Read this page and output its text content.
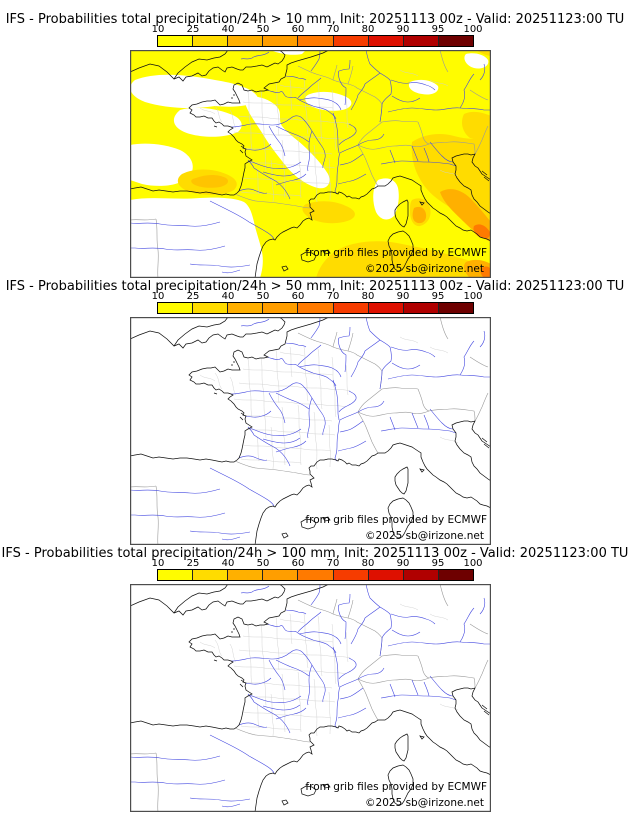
IFS - Probabilities total precipitation/24h > 10 mm, Init: 20251113 00z - Valid: 20251123:00 TU
10 25 40 50 60 70 80 90 95 100
from grib files provided by ECMWF
©2025 sb@irizone.net
IFS - Probabilities total precipitation/24h > 50 mm, Init: 20251113 00z - Valid: 20251123:00 TU
10 25 40 50 60 70 80 90 95 100
from grib files provided by ECMWF
©2025 sb@irizone.net
IFS - Probabilities total precipitation/24h > 100 mm, Init: 20251113 00z - Valid: 20251123:00 TU
10 25 40 50 60 70 80 90 95 100
from grib files provided by ECMWF
©2025 sb@irizone.net
